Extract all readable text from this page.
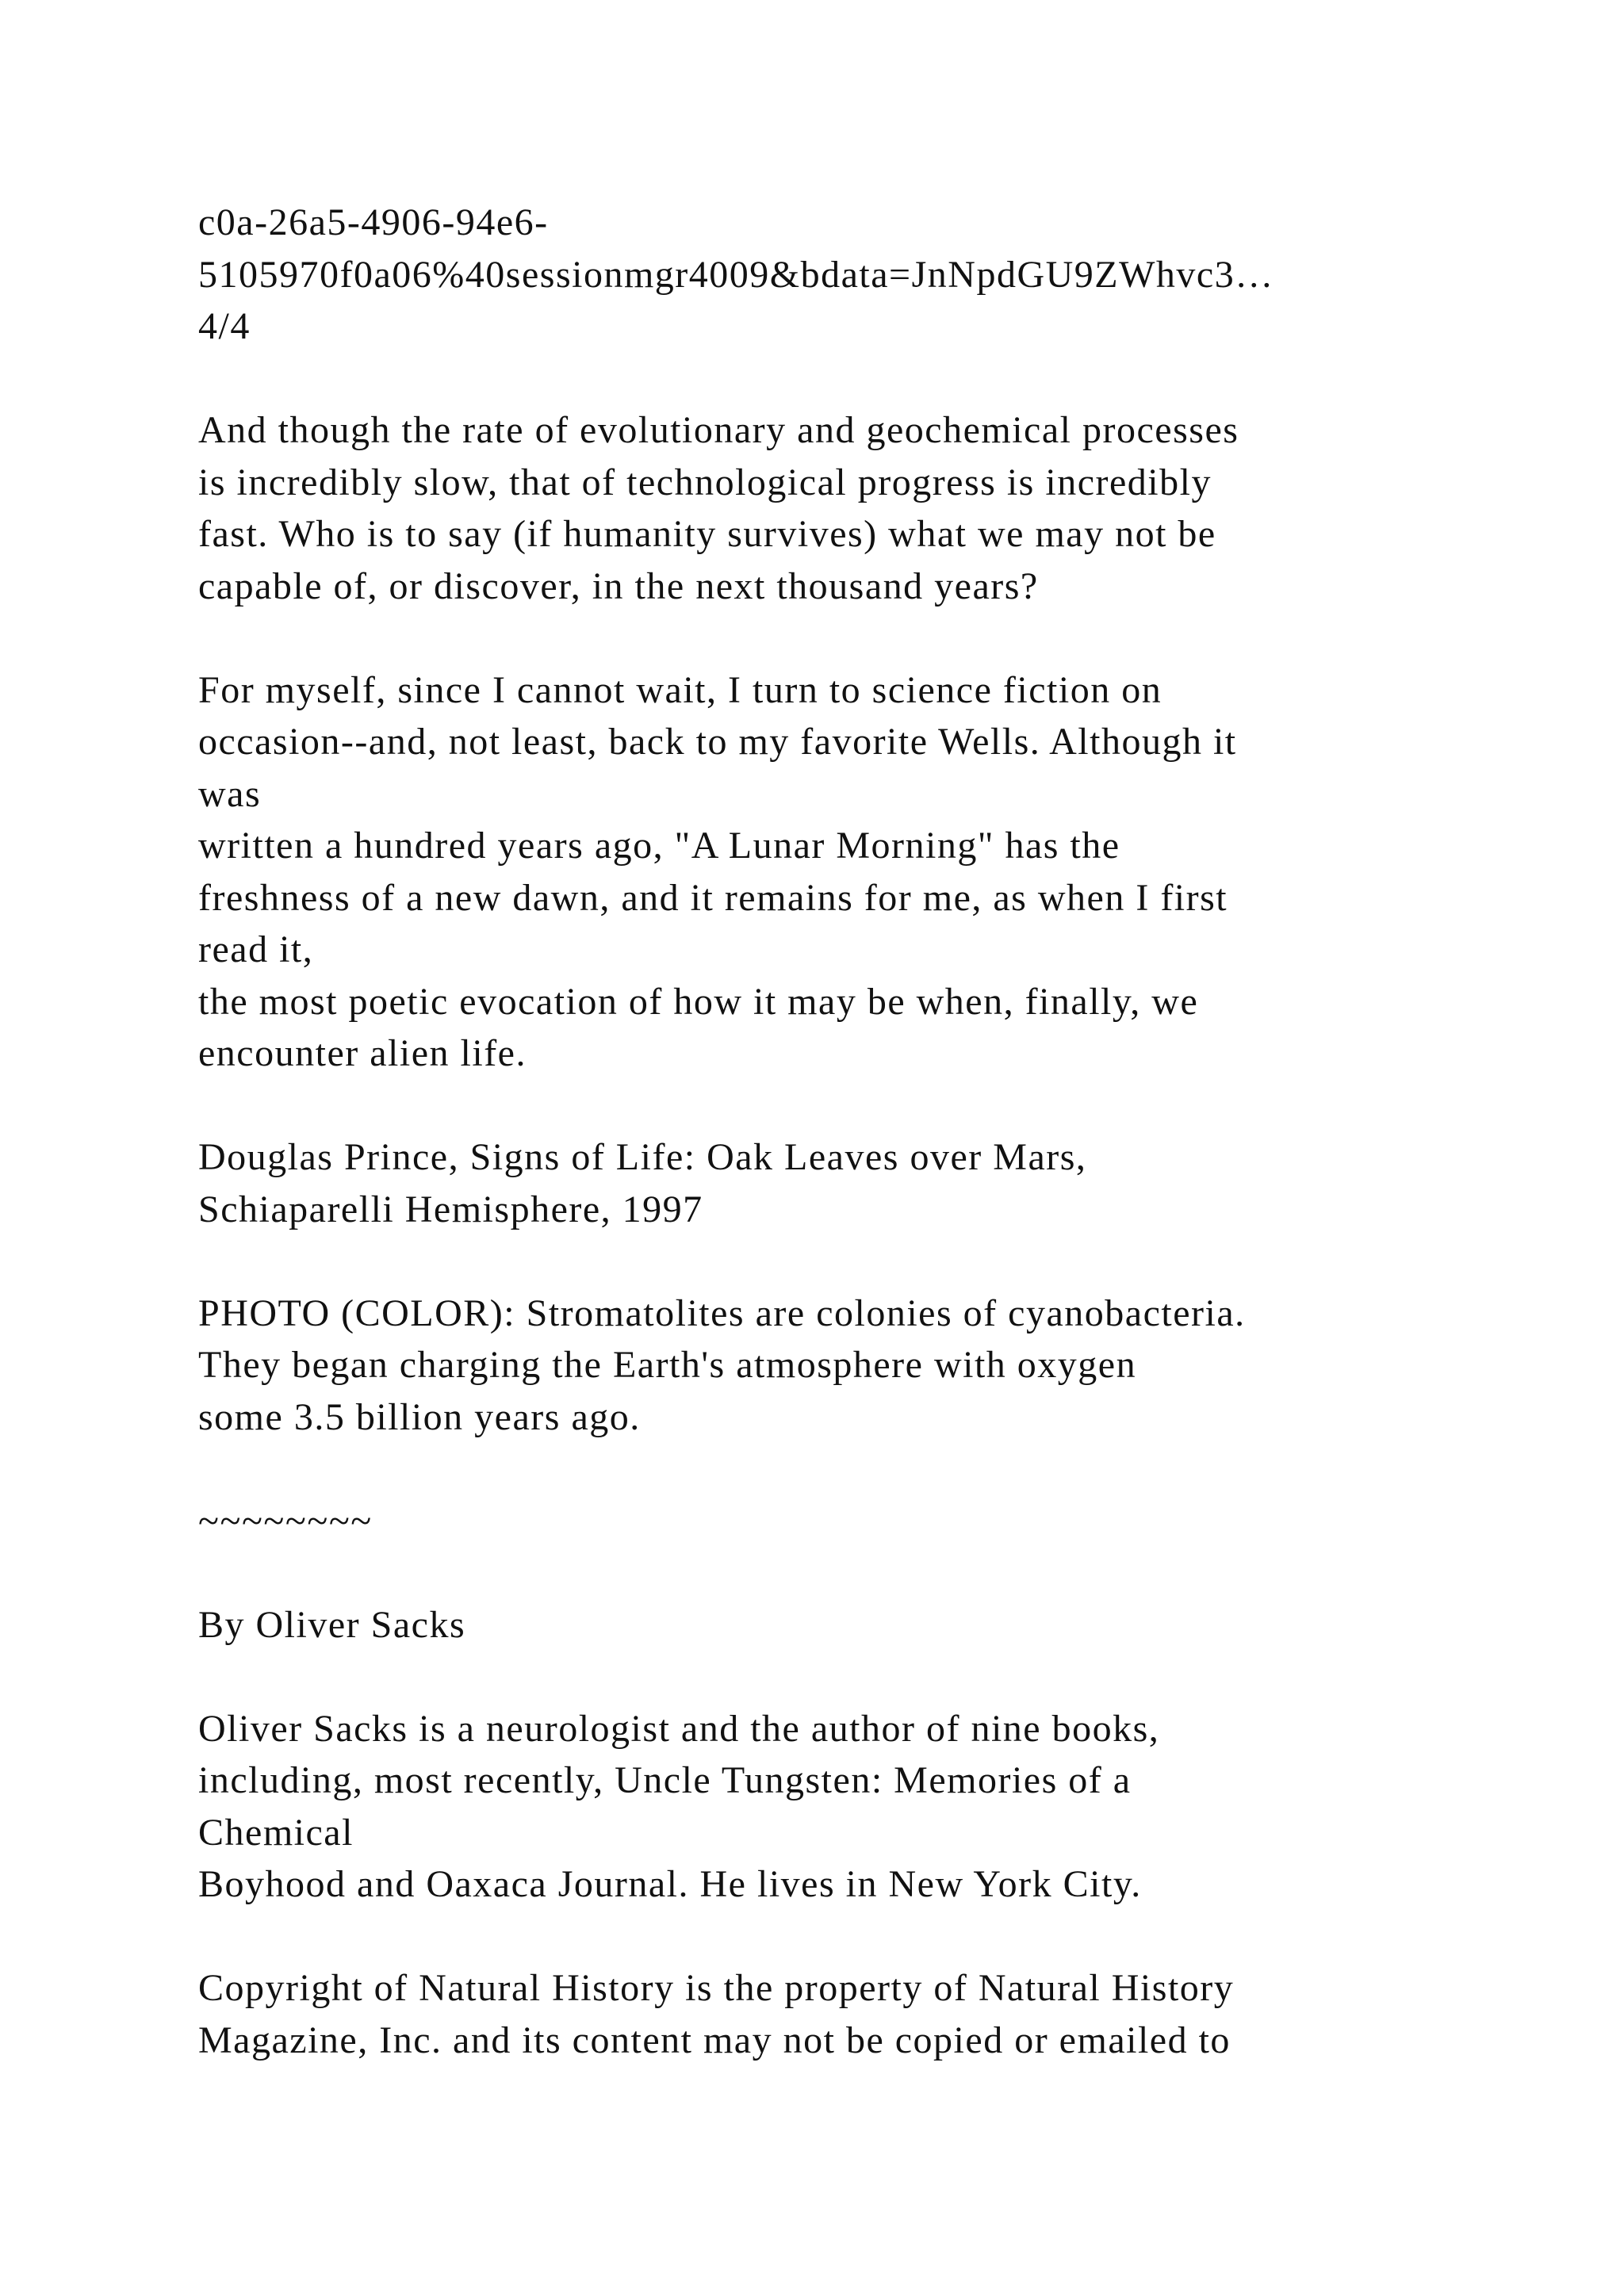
c0a-26a5-4906-94e6-
5105970f0a06%40sessionmgr4009&bdata=JnNpdGU9ZWhvc3…
4/4
And though the rate of evolutionary and geochemical processes
is incredibly slow, that of technological progress is incredibly
fast. Who is to say (if humanity survives) what we may not be
capable of, or discover, in the next thousand years?
For myself, since I cannot wait, I turn to science fiction on
occasion--and, not least, back to my favorite Wells. Although it
was
written a hundred years ago, "A Lunar Morning" has the
freshness of a new dawn, and it remains for me, as when I first
read it,
the most poetic evocation of how it may be when, finally, we
encounter alien life.
Douglas Prince, Signs of Life: Oak Leaves over Mars,
Schiaparelli Hemisphere, 1997
PHOTO (COLOR): Stromatolites are colonies of cyanobacteria.
They began charging the Earth's atmosphere with oxygen
some 3.5 billion years ago.
~~~~~~~~
By Oliver Sacks
Oliver Sacks is a neurologist and the author of nine books,
including, most recently, Uncle Tungsten: Memories of a
Chemical
Boyhood and Oaxaca Journal. He lives in New York City.
Copyright of Natural History is the property of Natural History
Magazine, Inc. and its content may not be copied or emailed to
